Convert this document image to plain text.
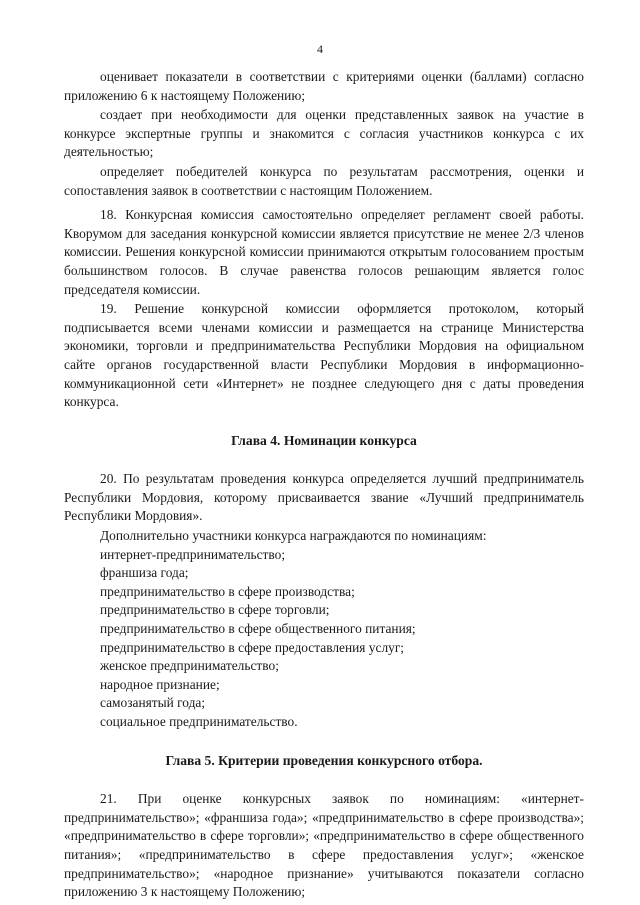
4

оценивает показатели в соответствии с критериями оценки (баллами) согласно приложению 6 к настоящему Положению;

создает при необходимости для оценки представленных заявок на участие в конкурсе экспертные группы и знакомится с согласия участников конкурса с их деятельностью;

определяет победителей конкурса по результатам рассмотрения, оценки и сопоставления заявок в соответствии с настоящим Положением.

18. Конкурсная комиссия самостоятельно определяет регламент своей работы. Кворумом для заседания конкурсной комиссии является присутствие не менее 2/3 членов комиссии. Решения конкурсной комиссии принимаются открытым голосованием простым большинством голосов. В случае равенства голосов решающим является голос председателя комиссии.

19. Решение конкурсной комиссии оформляется протоколом, который подписывается всеми членами комиссии и размещается на странице Министерства экономики, торговли и предпринимательства Республики Мордовия на официальном сайте органов государственной власти Республики Мордовия в информационно-коммуникационной сети «Интернет» не позднее следующего дня с даты проведения конкурса.

Глава 4. Номинации конкурса

20. По результатам проведения конкурса определяется лучший предприниматель Республики Мордовия, которому присваивается звание «Лучший предприниматель Республики Мордовия».

Дополнительно участники конкурса награждаются по номинациям:

интернет-предпринимательство;
франшиза года;
предпринимательство в сфере производства;
предпринимательство в сфере торговли;
предпринимательство в сфере общественного питания;
предпринимательство в сфере предоставления услуг;
женское предпринимательство;
народное признание;
самозанятый года;
социальное предпринимательство.
Глава 5. Критерии проведения конкурсного отбора.

21. При оценке конкурсных заявок по номинациям: «интернет-предпринимательство»; «франшиза года»; «предпринимательство в сфере производства»; «предпринимательство в сфере торговли»; «предпринимательство в сфере общественного питания»; «предпринимательство в сфере предоставления услуг»; «женское предпринимательство»; «народное признание» учитываются показатели согласно приложению 3 к настоящему Положению;
